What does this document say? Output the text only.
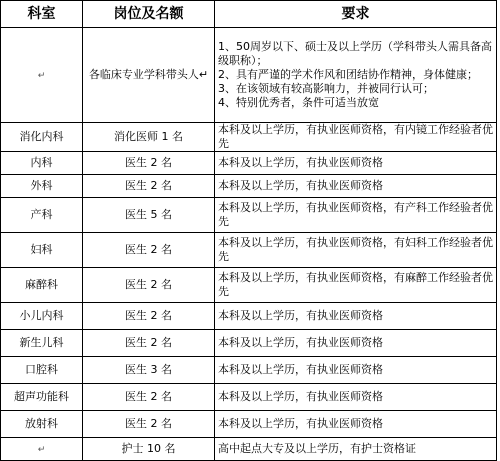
科室	岗位及名额	要求
↵	各临床专业学科带头人↵	1、50周岁以下、硕士及以上学历（学科带头人需具备高级职称）；
2、具有严谨的学术作风和团结协作精神，身体健康；
3、在该领域有较高影响力，并被同行认可；
4、特别优秀者，条件可适当放宽

消化内科	消化医师 1 名	本科及以上学历，有执业医师资格，有内镜工作经验者优先
内科	医生 2 名	本科及以上学历，有执业医师资格
外科	医生 2 名	本科及以上学历，有执业医师资格
产科	医生 5 名	本科及以上学历，有执业医师资格，有产科工作经验者优先
妇科	医生 2 名	本科及以上学历，有执业医师资格，有妇科工作经验者优先
麻醉科	医生 2 名	本科及以上学历，有执业医师资格，有麻醉工作经验者优先
小儿内科	医生 2 名	本科及以上学历，有执业医师资格
新生儿科	医生 2 名	本科及以上学历，有执业医师资格
口腔科	医生 3 名	本科及以上学历，有执业医师资格
超声功能科	医生 2 名	本科及以上学历，有执业医师资格
放射科	医生 2 名	本科及以上学历，有执业医师资格
↵	护士 10 名	高中起点大专及以上学历，有护士资格证
